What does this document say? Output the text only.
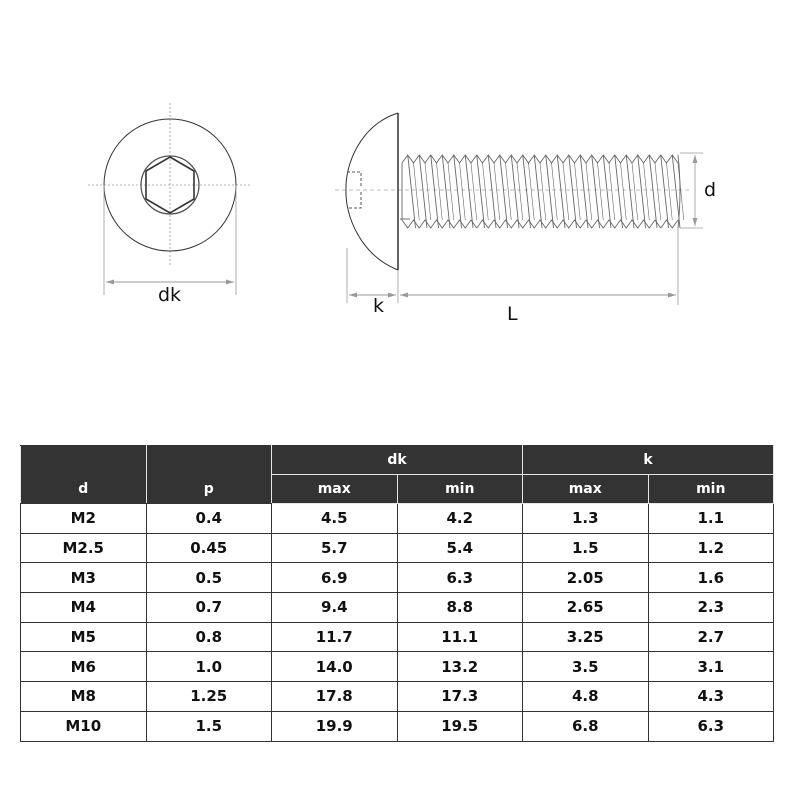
dk	k	L
d
d	p	dk		k	
		max	min	max	min
M2	0.4	4.5	4.2	1.3	1.1
M2.5	0.45	5.7	5.4	1.5	1.2
M3	0.5	6.9	6.3	2.05	1.6
M4	0.7	9.4	8.8	2.65	2.3
M5	0.8	11.7	11.1	3.25	2.7
M6	1.0	14.0	13.2	3.5	3.1
M8	1.25	17.8	17.3	4.8	4.3
M10	1.5	19.9	19.5	6.8	6.3
